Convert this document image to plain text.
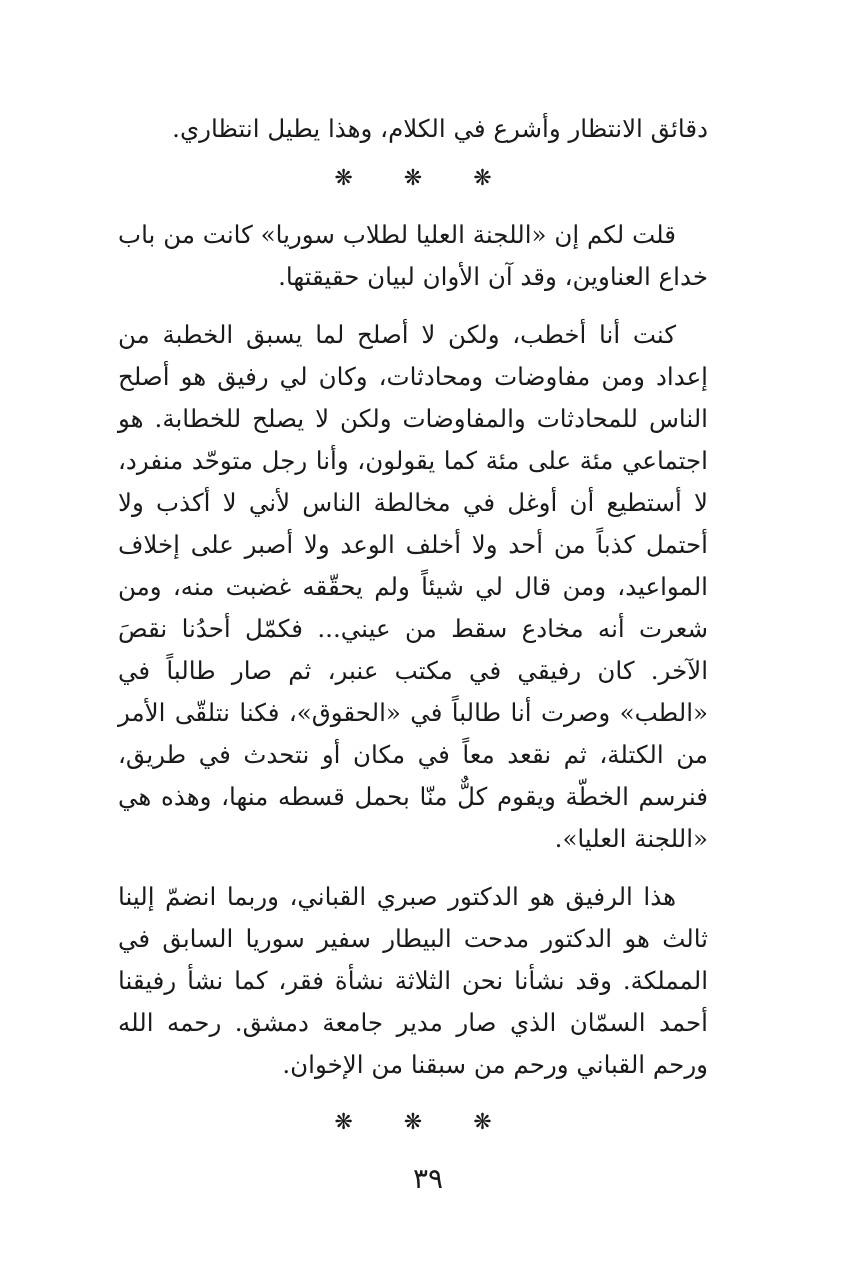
دقائق الانتظار وأشرع في الكلام، وهذا يطيل انتظاري.

❋ ❋ ❋

قلت لكم إن «اللجنة العليا لطلاب سوريا» كانت من باب خداع العناوين، وقد آن الأوان لبيان حقيقتها.

كنت أنا أخطب، ولكن لا أصلح لما يسبق الخطبة من إعداد ومن مفاوضات ومحادثات، وكان لي رفيق هو أصلح الناس للمحادثات والمفاوضات ولكن لا يصلح للخطابة. هو اجتماعي مئة على مئة كما يقولون، وأنا رجل متوحّد منفرد، لا أستطيع أن أوغل في مخالطة الناس لأني لا أكذب ولا أحتمل كذباً من أحد ولا أخلف الوعد ولا أصبر على إخلاف المواعيد، ومن قال لي شيئاً ولم يحقّقه غضبت منه، ومن شعرت أنه مخادع سقط من عيني... فكمّل أحدُنا نقصَ الآخر. كان رفيقي في مكتب عنبر، ثم صار طالباً في «الطب» وصرت أنا طالباً في «الحقوق»، فكنا نتلقّى الأمر من الكتلة، ثم نقعد معاً في مكان أو نتحدث في طريق، فنرسم الخطّة ويقوم كلٌّ منّا بحمل قسطه منها، وهذه هي «اللجنة العليا».

هذا الرفيق هو الدكتور صبري القباني، وربما انضمّ إلينا ثالث هو الدكتور مدحت البيطار سفير سوريا السابق في المملكة. وقد نشأنا نحن الثلاثة نشأة فقر، كما نشأ رفيقنا أحمد السمّان الذي صار مدير جامعة دمشق. رحمه الله ورحم القباني ورحم من سبقنا من الإخوان.

❋ ❋ ❋
٣٩
